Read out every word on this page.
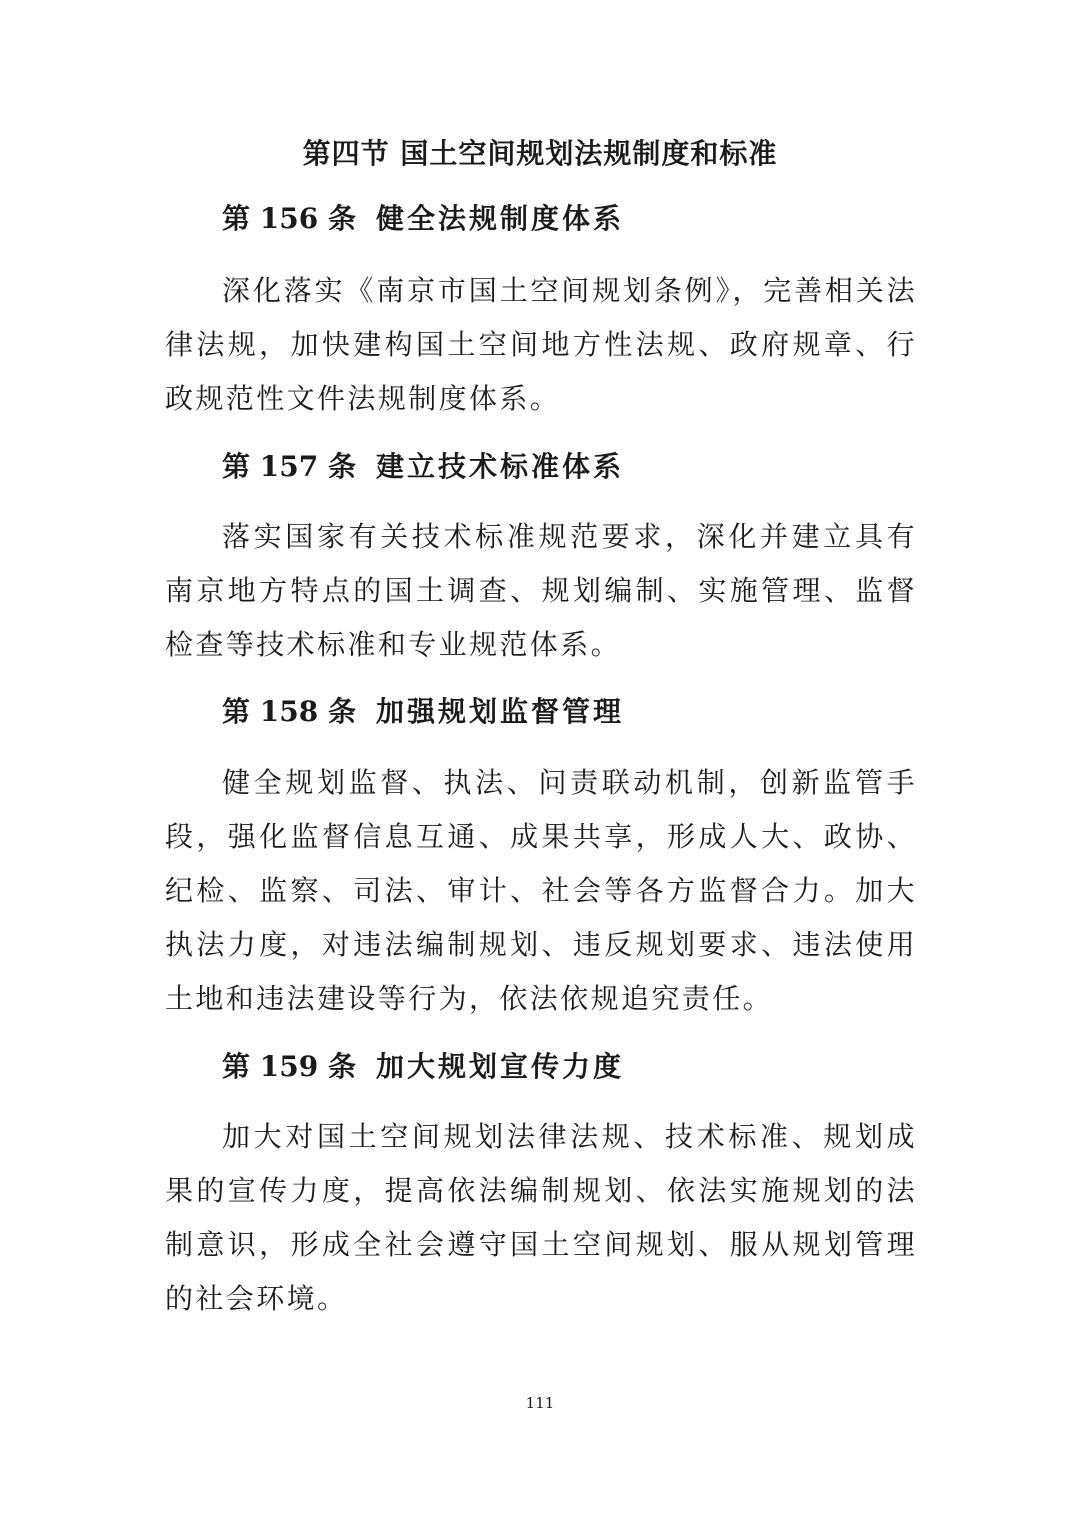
第四节 国土空间规划法规制度和标准
第 156 条 健全法规制度体系

深化落实《南京市国土空间规划条例》，完善相关法律法规，加快建构国土空间地方性法规、政府规章、行政规范性文件法规制度体系。

第 157 条 建立技术标准体系

落实国家有关技术标准规范要求，深化并建立具有南京地方特点的国土调查、规划编制、实施管理、监督检查等技术标准和专业规范体系。

第 158 条 加强规划监督管理

健全规划监督、执法、问责联动机制，创新监管手段，强化监督信息互通、成果共享，形成人大、政协、纪检、监察、司法、审计、社会等各方监督合力。加大执法力度，对违法编制规划、违反规划要求、违法使用土地和违法建设等行为，依法依规追究责任。

第 159 条 加大规划宣传力度

加大对国土空间规划法律法规、技术标准、规划成果的宣传力度，提高依法编制规划、依法实施规划的法制意识，形成全社会遵守国土空间规划、服从规划管理的社会环境。

111
